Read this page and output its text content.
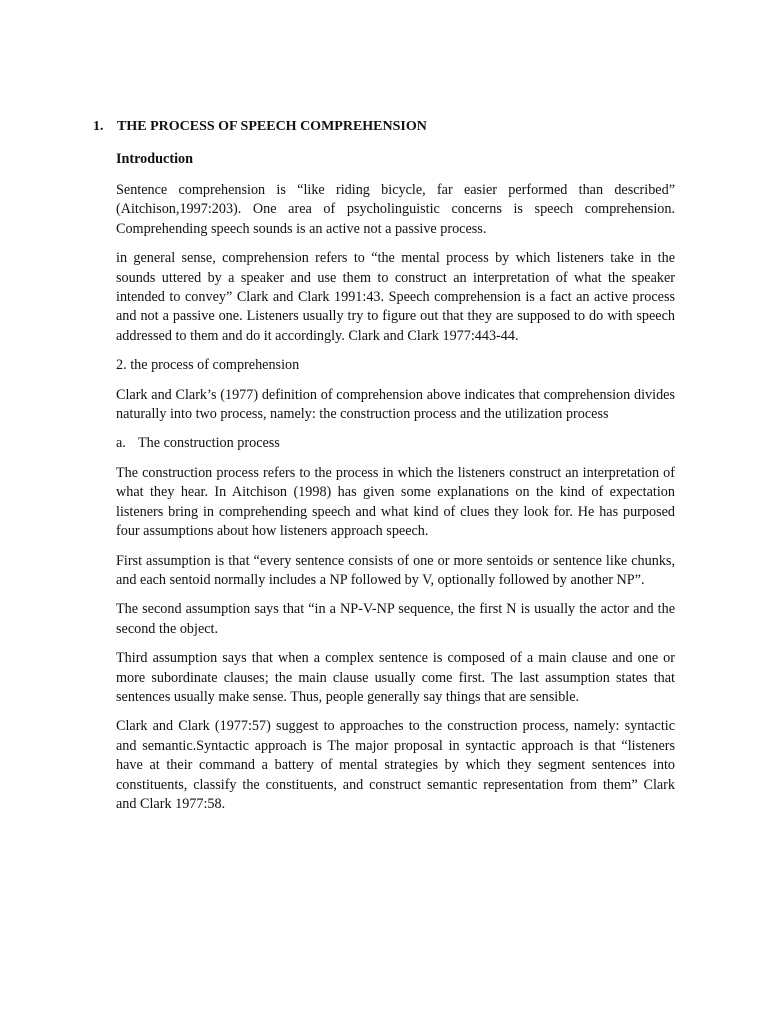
1. THE PROCESS OF SPEECH COMPREHENSION
Introduction

Sentence comprehension is “like riding bicycle, far easier performed than described” (Aitchison,1997:203). One area of psycholinguistic concerns is speech comprehension. Comprehending speech sounds is an active not a passive process.

in general sense, comprehension refers to “the mental process by which listeners take in the sounds uttered by a speaker and use them to construct an interpretation of what the speaker intended to convey” Clark and Clark 1991:43. Speech comprehension is a fact an active process and not a passive one. Listeners usually try to figure out that they are supposed to do with speech addressed to them and do it accordingly. Clark and Clark 1977:443-44.

2. the process of comprehension

Clark and Clark’s (1977) definition of comprehension above indicates that comprehension divides naturally into two process, namely: the construction process and the utilization process

a. The construction process

The construction process refers to the process in which the listeners construct an interpretation of what they hear. In Aitchison (1998) has given some explanations on the kind of expectation listeners bring in comprehending speech and what kind of clues they look for. He has purposed four assumptions about how listeners approach speech.

First assumption is that “every sentence consists of one or more sentoids or sentence like chunks, and each sentoid normally includes a NP followed by V, optionally followed by another NP”.

The second assumption says that “in a NP-V-NP sequence, the first N is usually the actor and the second the object.

Third assumption says that when a complex sentence is composed of a main clause and one or more subordinate clauses; the main clause usually come first. The last assumption states that sentences usually make sense. Thus, people generally say things that are sensible.

Clark and Clark (1977:57) suggest to approaches to the construction process, namely: syntactic and semantic.Syntactic approach is The major proposal in syntactic approach is that “listeners have at their command a battery of mental strategies by which they segment sentences into constituents, classify the constituents, and construct semantic representation from them” Clark and Clark 1977:58.
